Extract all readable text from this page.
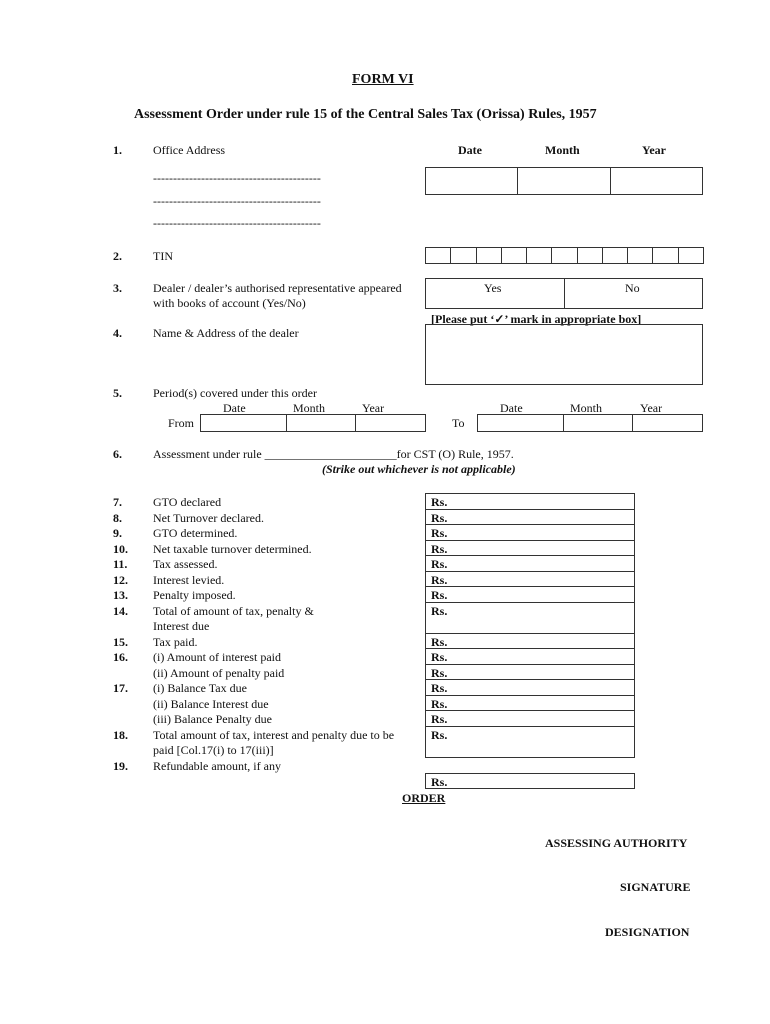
FORM VI
Assessment Order under rule 15 of the Central Sales Tax (Orissa) Rules, 1957
1.	Office Address	Date	Month	Year
------------------------------------------
------------------------------------------
------------------------------------------
2.	TIN
3.	Dealer / dealer’s authorised representative appeared
with books of account (Yes/No)
Yes	No
[Please put ‘✓’ mark in appropriate box]
4.	Name & Address of the dealer
5.	Period(s) covered under this order
Date	Month	Year
From	To
Date	Month	Year
6.	Assessment under rule ______________________for CST (O) Rule, 1957.
(Strike out whichever is not applicable)
7.	GTO declared	Rs.
8.	Net Turnover declared.	Rs.
9.	GTO determined.	Rs.
10. Net taxable turnover determined.	Rs.
11. Tax assessed.	Rs.
12. Interest levied.	Rs.
13. Penalty imposed.	Rs.
14. Total of amount of tax, penalty &
Interest due
Rs.
15. Tax paid.	Rs.
16. (i) Amount of interest paid	Rs.
(ii) Amount of penalty paid	Rs.
17. (i) Balance Tax due	Rs.
(ii) Balance Interest due	Rs.
(iii) Balance Penalty due	Rs.
18. Total amount of tax, interest and penalty due to be
paid [Col.17(i) to 17(iii)]
Rs.
19. Refundable amount, if any
Rs.
ORDER
ASSESSING AUTHORITY
SIGNATURE
DESIGNATION
